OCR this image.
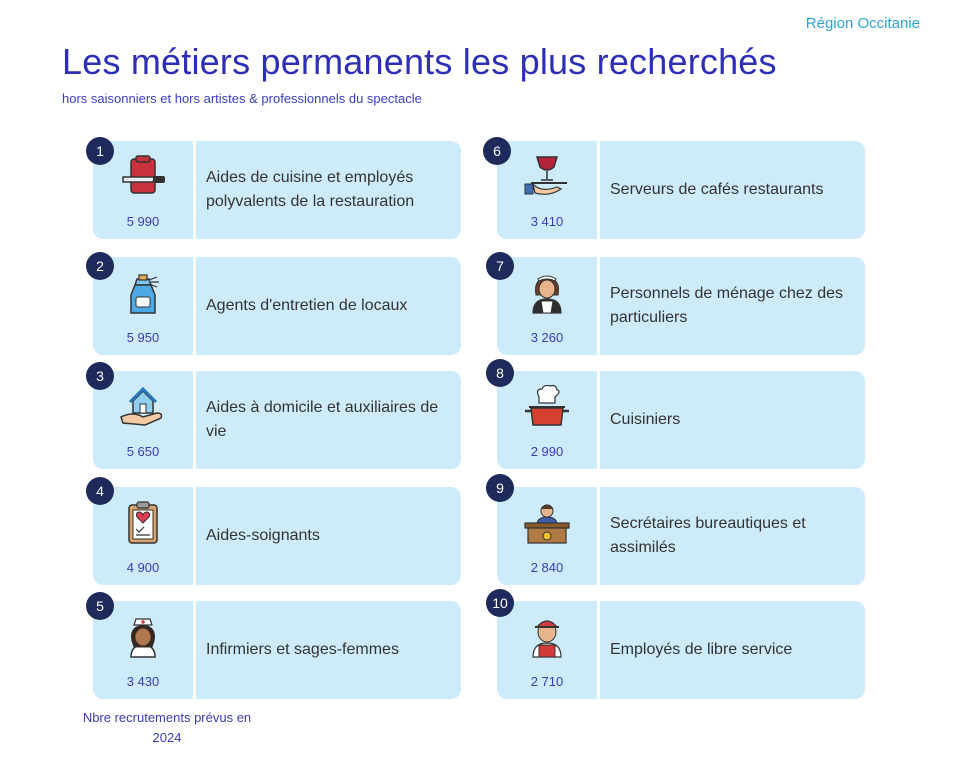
Région Occitanie
Les métiers permanents les plus recherchés
hors saisonniers et hors artistes & professionnels du spectacle
Aides de cuisine et employés polyvalents de la restauration
5 990
1
Agents d'entretien de locaux
5 950
2
Aides à domicile et auxiliaires de vie
5 650
3
Aides-soignants
4 900
4
Infirmiers et sages-femmes
3 430
5
Serveurs de cafés restaurants
3 410
6
Personnels de ménage chez des particuliers
3 260
7
Cuisiniers
2 990
8
Secrétaires bureautiques et assimilés
2 840
9
Employés de libre service
2 710
10
Nbre recrutements prévus en 2024
